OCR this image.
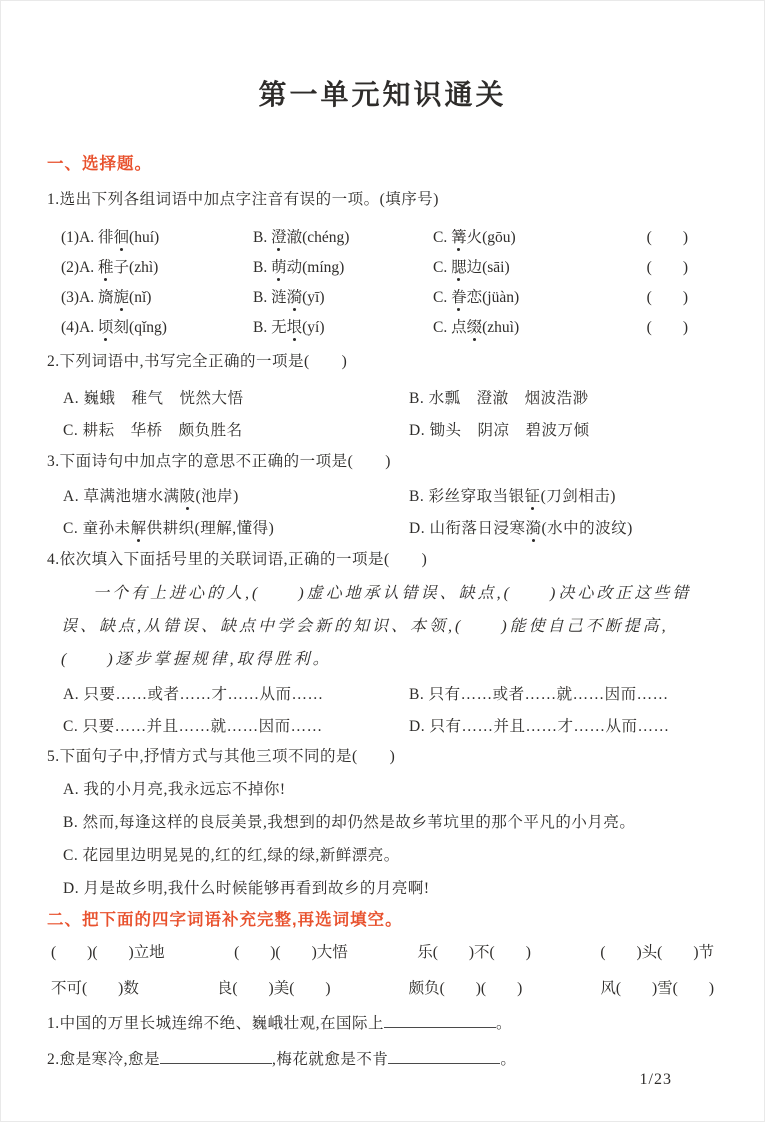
第一单元知识通关
一、选择题。
1.选出下列各组词语中加点字注音有误的一项。(填序号)
(1)A. 徘徊(huí)	B. 澄澈(chéng)	C. 篝火(gōu)	(　　)
(2)A. 稚子(zhì)	B. 萌动(míng)	C. 腮边(sāi)	(　　)
(3)A. 旖旎(nǐ)	B. 涟漪(yī)	C. 眷恋(jüàn)	(　　)
(4)A. 顷刻(qǐng)	B. 无垠(yí)	C. 点缀(zhuì)	(　　)
2.下列词语中,书写完全正确的一项是(　　)
A. 巍蛾　稚气　恍然大悟	B. 水瓢　澄澈　烟波浩渺
C. 耕耘　华桥　颇负胜名	D. 锄头　阴凉　碧波万倾
3.下面诗句中加点字的意思不正确的一项是(　　)
A. 草满池塘水满陂(池岸)	B. 彩丝穿取当银钲(刀剑相击)
C. 童孙未解供耕织(理解,懂得)	D. 山衔落日浸寒漪(水中的波纹)
4.依次填入下面括号里的关联词语,正确的一项是(　　)
一个有上进心的人,(　　)虚心地承认错误、缺点,(　　)决心改正这些错误、缺点,从错误、缺点中学会新的知识、本领,(　　)能使自己不断提高,(　　)逐步掌握规律,取得胜利。
A. 只要……或者……才……从而……	B. 只有……或者……就……因而……
C. 只要……并且……就……因而……	D. 只有……并且……才……从而……
5.下面句子中,抒情方式与其他三项不同的是(　　)
A. 我的小月亮,我永远忘不掉你!
B. 然而,每逢这样的良辰美景,我想到的却仍然是故乡苇坑里的那个平凡的小月亮。
C. 花园里边明晃晃的,红的红,绿的绿,新鲜漂亮。
D. 月是故乡明,我什么时候能够再看到故乡的月亮啊!
二、把下面的四字词语补充完整,再选词填空。
(　　)(　　)立地	(　　)(　　)大悟	乐(　　)不(　　)	(　　)头(　　)节
不可(　　)数	良(　　)美(　　)	颇负(　　)(　　)	风(　　)雪(　　)
1.中国的万里长城连绵不绝、巍峨壮观,在国际上	。
2.愈是寒冷,愈是	,梅花就愈是不肯	。
1/23
